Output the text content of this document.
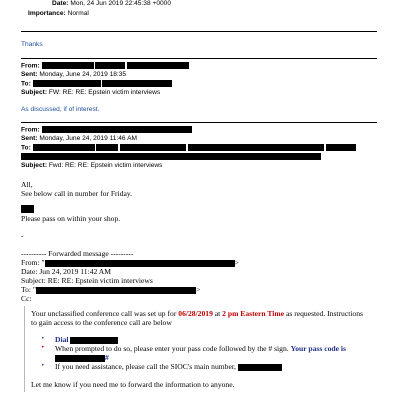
Date: Mon, 24 Jun 2019 22:45:38 +0000
Importance: Normal
Thanks
From:
Sent: Monday, June 24, 2019 18:35
To:
Subject: FW: RE: RE: Epstein victim interviews
As discussed, if of interest.
From:
Sent: Monday, June 24, 2019 11:46 AM
To:
Subject: Fwd: RE: RE: Epstein victim interviews
All,
See below call in number for Friday.
Please pass on within your shop.
-
---------- Forwarded message ---------
From: "	>
Date: Jun 24, 2019 11:42 AM
Subject: RE: RE: Epstein victim interviews
To: "	>
Cc:
Your unclassified conference call was set up for 06/28/2019 at 2 pm Eastern Time as requested. Instructions
to gain access to the conference call are below
• Dial
• When prompted to do so, please enter your pass code followed by the # sign. Your pass code is
#
• If you need assistance, please call the SIOC's main number,
Let me know if you need me to forward the information to anyone.
